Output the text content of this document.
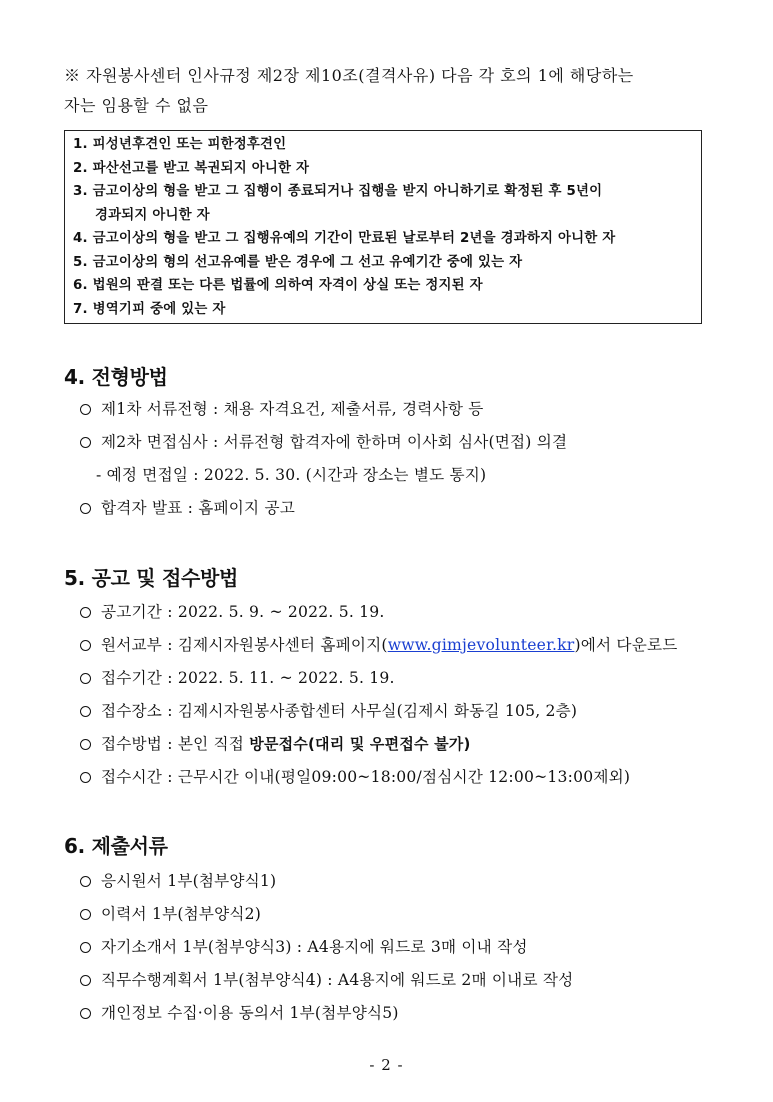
※ 자원봉사센터 인사규정 제2장 제10조(결격사유) 다음 각 호의 1에 해당하는
자는 임용할 수 없음
1. 피성년후견인 또는 피한정후견인
2. 파산선고를 받고 복권되지 아니한 자
3. 금고이상의 형을 받고 그 집행이 종료되거나 집행을 받지 아니하기로 확정된 후 5년이
경과되지 아니한 자
4. 금고이상의 형을 받고 그 집행유예의 기간이 만료된 날로부터 2년을 경과하지 아니한 자
5. 금고이상의 형의 선고유예를 받은 경우에 그 선고 유예기간 중에 있는 자
6. 법원의 판결 또는 다른 법률에 의하여 자격이 상실 또는 정지된 자
7. 병역기피 중에 있는 자
4. 전형방법
제1차 서류전형 : 채용 자격요건, 제출서류, 경력사항 등
제2차 면접심사 : 서류전형 합격자에 한하며 이사회 심사(면접) 의결
- 예정 면접일 : 2022. 5. 30. (시간과 장소는 별도 통지)
합격자 발표 : 홈페이지 공고
5. 공고 및 접수방법
공고기간 : 2022. 5. 9. ~ 2022. 5. 19.
원서교부 : 김제시자원봉사센터 홈페이지(www.gimjevolunteer.kr)에서 다운로드
접수기간 : 2022. 5. 11. ~ 2022. 5. 19.
접수장소 : 김제시자원봉사종합센터 사무실(김제시 화동길 105, 2층)
접수방법 : 본인 직접 방문접수(대리 및 우편접수 불가)
접수시간 : 근무시간 이내(평일09:00~18:00/점심시간 12:00~13:00제외)
6. 제출서류
응시원서 1부(첨부양식1)
이력서 1부(첨부양식2)
자기소개서 1부(첨부양식3) : A4용지에 워드로 3매 이내 작성
직무수행계획서 1부(첨부양식4) : A4용지에 워드로 2매 이내로 작성
개인정보 수집·이용 동의서 1부(첨부양식5)
- 2 -
